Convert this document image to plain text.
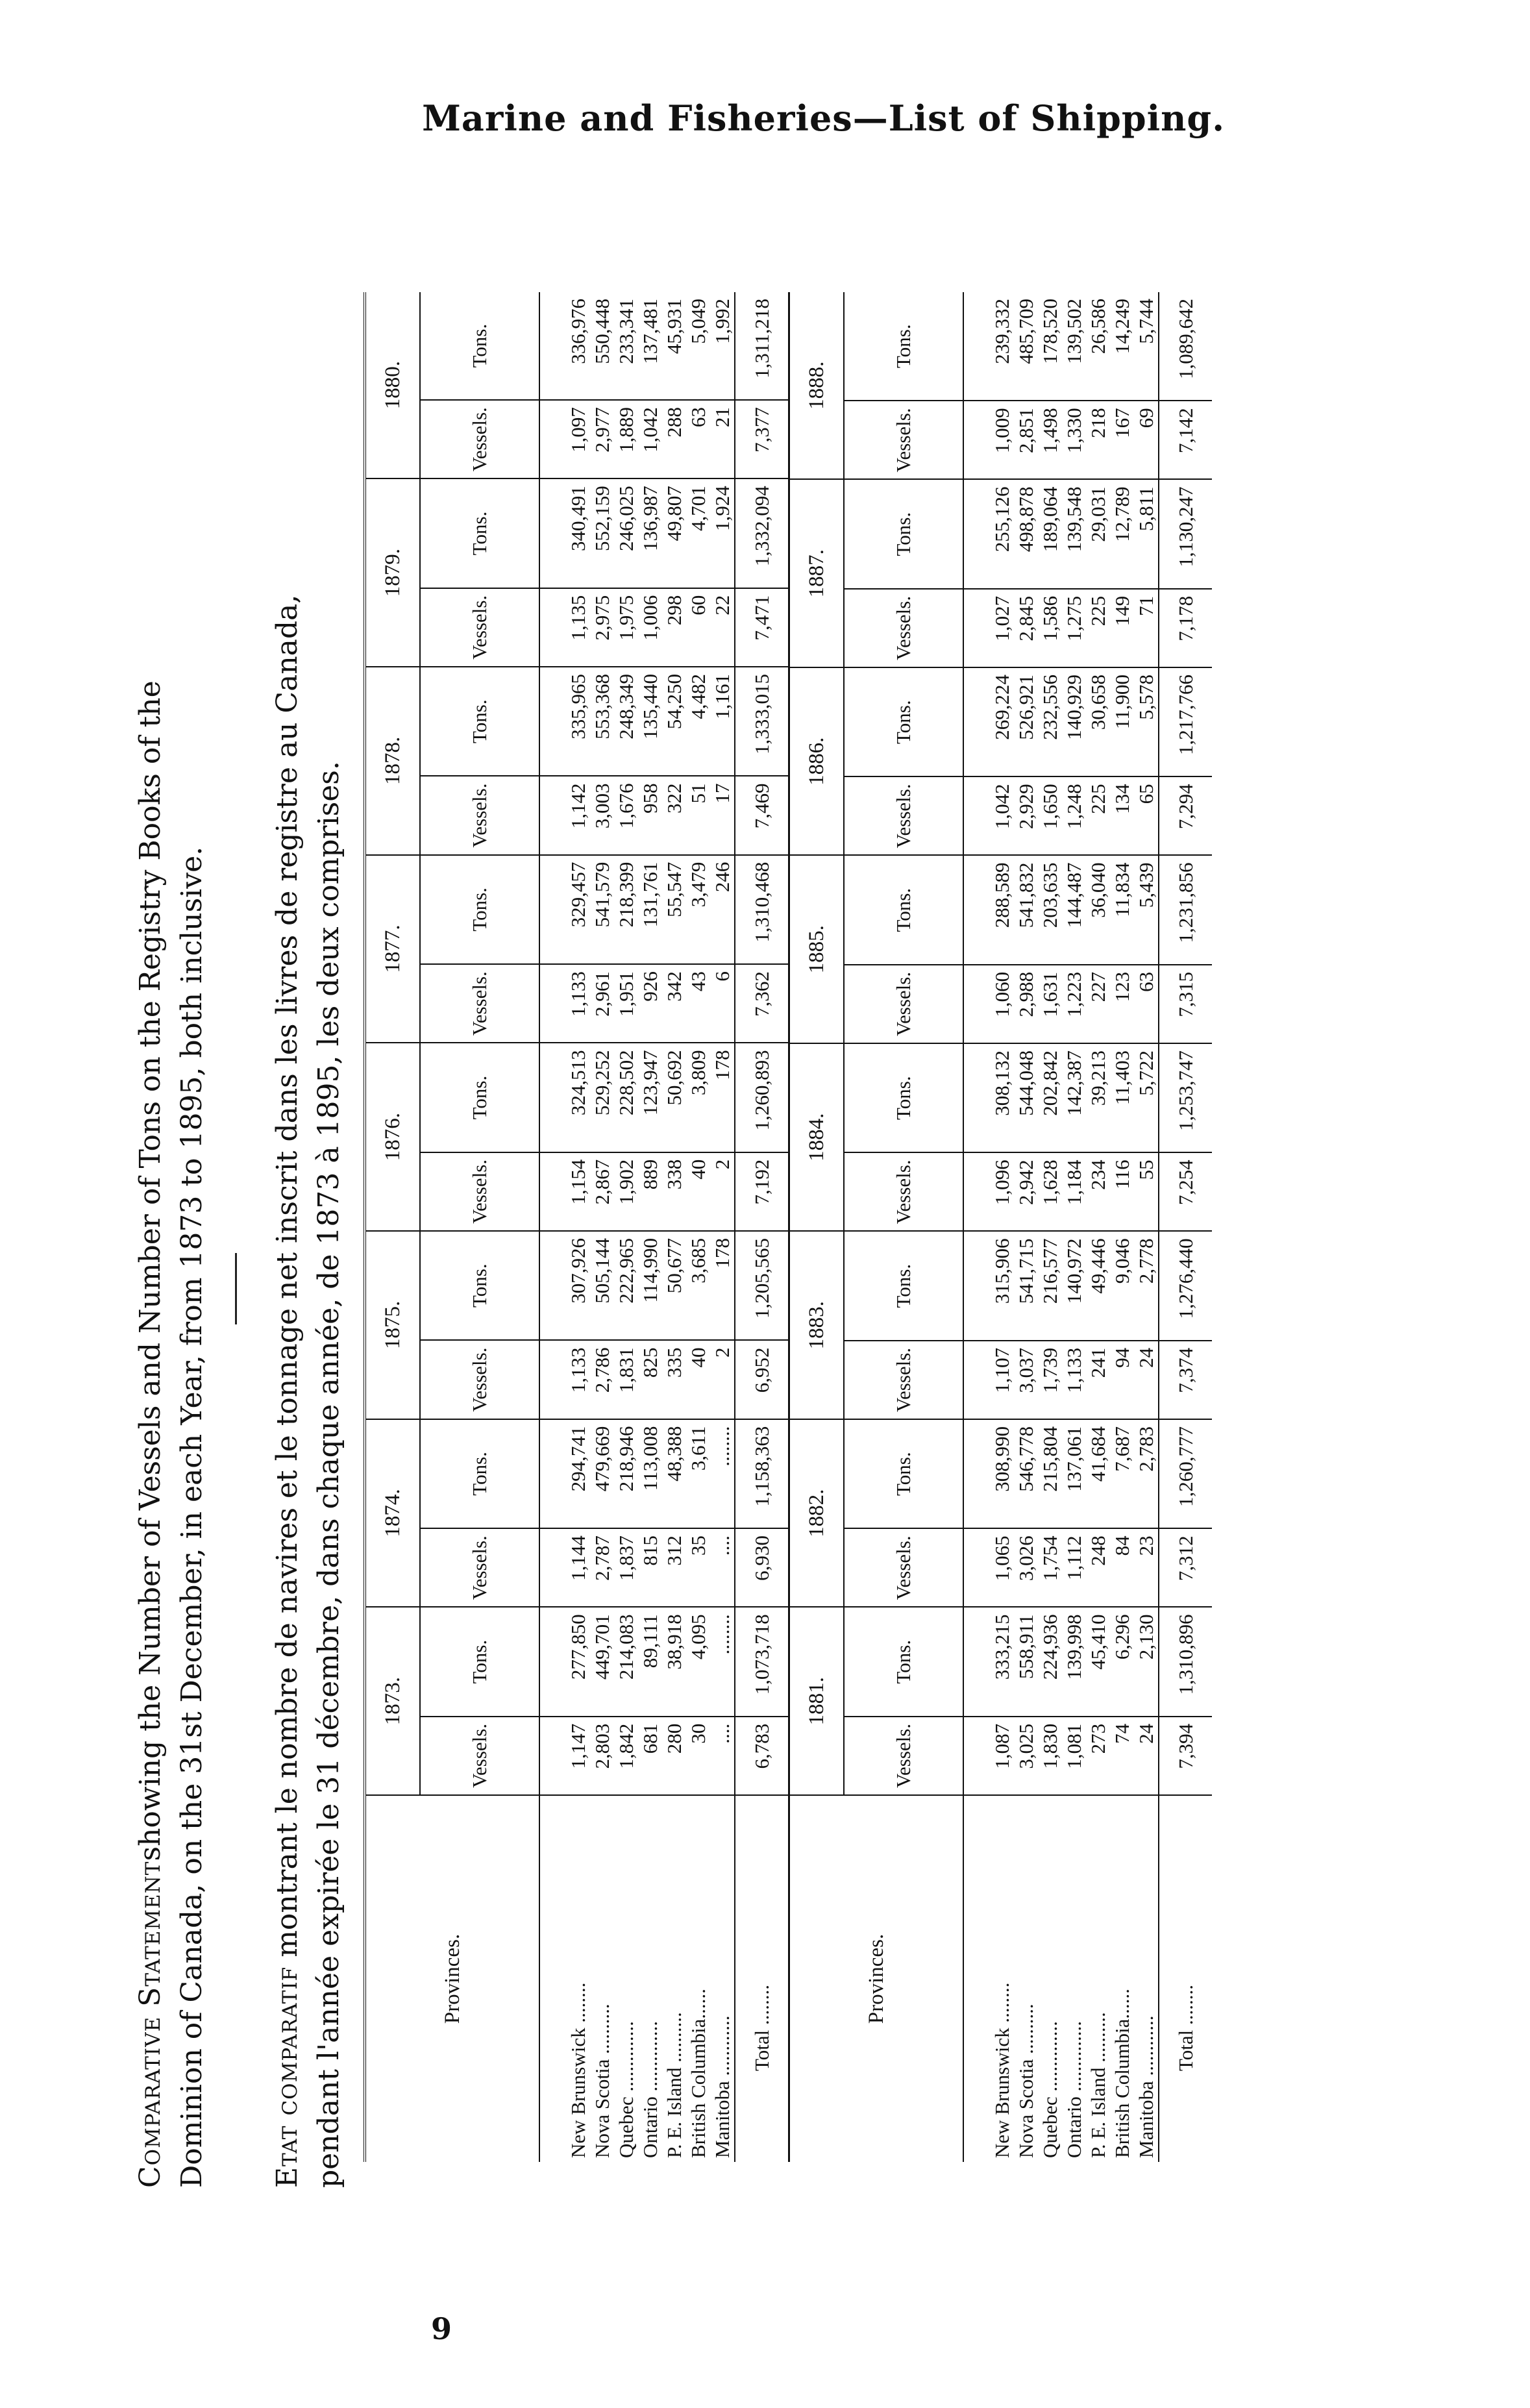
Marine and Fisheries—List of Shipping.
Comparative Statementshowing the Number of Vessels and Number of Tons on the Registry Books of the Dominion of Canada, on the 31st December, in each Year, from 1873 to 1895, both inclusive. Etat comparatif montrant le nombre de navires et le tonnage net inscrit dans les livres de registre au Canada, pendant l'année expirée le 31 décembre, dans chaque année, de 1873 à 1895, les deux comprises.	Provinces.	1873.		1874.		1875.		1876.		1877.		1878.		1879.		1880.	
	Vessels.	Tons.	Vessels.	Tons.	Vessels.	Tons.	Vessels.	Tons.	Vessels.	Tons.	Vessels.	Tons.	Vessels.	Tons.	Vessels.	Tons.
New Brunswick ........	1,147	277,850	1,144	294,741	1,133	307,926	1,154	324,513	1,133	329,457	1,142	335,965	1,135	340,491	1,097	336,976
Nova Scotia ..........	2,803	449,701	2,787	479,669	2,786	505,144	2,867	529,252	2,961	541,579	3,003	553,368	2,975	552,159	2,977	550,448
Quebec ..............	1,842	214,083	1,837	218,946	1,831	222,965	1,902	228,502	1,951	218,399	1,676	248,349	1,975	246,025	1,889	233,341
Ontario ..............	681	89,111	815	113,008	825	114,990	889	123,947	926	131,761	958	135,440	1,006	136,987	1,042	137,481
P. E. Island ..........	280	38,918	312	48,388	335	50,677	338	50,692	342	55,547	322	54,250	298	49,807	288	45,931
British Columbia......	30	4,095	35	3,611	40	3,685	40	3,809	43	3,479	51	4,482	60	4,701	63	5,049
Manitoba ............	....	........	....	........	2	178	2	178	6	246	17	1,161	22	1,924	21	1,992
Total ........	6,783	1,073,718	6,930	1,158,363	6,952	1,205,565	7,192	1,260,893	7,362	1,310,468	7,469	1,333,015	7,471	1,332,094	7,377	1,311,218
Provinces.	1881.		1882.		1883.		1884.		1885.		1886.		1887.		1888.	
	Vessels.	Tons.	Vessels.	Tons.	Vessels.	Tons.	Vessels.	Tons.	Vessels.	Tons.	Vessels.	Tons.	Vessels.	Tons.	Vessels.	Tons.
New Brunswick ........	1,087	333,215	1,065	308,990	1,107	315,906	1,096	308,132	1,060	288,589	1,042	269,224	1,027	255,126	1,009	239,332
Nova Scotia ..........	3,025	558,911	3,026	546,778	3,037	541,715	2,942	544,048	2,988	541,832	2,929	526,921	2,845	498,878	2,851	485,709
Quebec ..............	1,830	224,936	1,754	215,804	1,739	216,577	1,628	202,842	1,631	203,635	1,650	232,556	1,586	189,064	1,498	178,520
Ontario ..............	1,081	139,998	1,112	137,061	1,133	140,972	1,184	142,387	1,223	144,487	1,248	140,929	1,275	139,548	1,330	139,502
P. E. Island ..........	273	45,410	248	41,684	241	49,446	234	39,213	227	36,040	225	30,658	225	29,031	218	26,586
British Columbia......	74	6,296	84	7,687	94	9,046	116	11,403	123	11,834	134	11,900	149	12,789	167	14,249
Manitoba ............	24	2,130	23	2,783	24	2,778	55	5,722	63	5,439	65	5,578	71	5,811	69	5,744
Total ........	7,394	1,310,896	7,312	1,260,777	7,374	1,276,440	7,254	1,253,747	7,315	1,231,856	7,294	1,217,766	7,178	1,130,247	7,142	1,089,642
9
